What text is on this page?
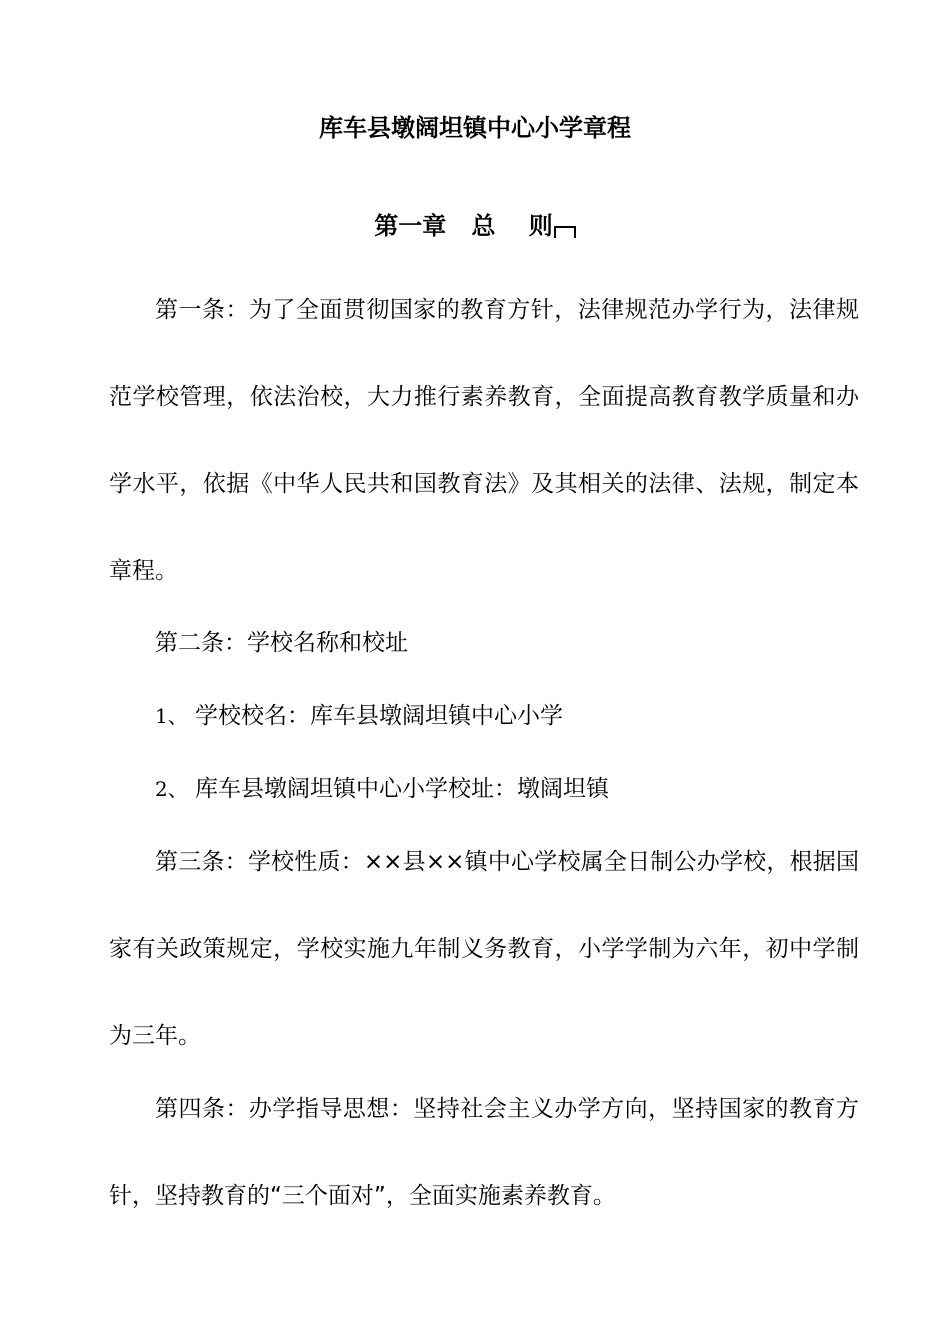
库车县墩阔坦镇中心小学章程
第一章 总 则
第一条：为了全面贯彻国家的教育方针，法律规范办学行为，法律规
范学校管理，依法治校，大力推行素养教育，全面提高教育教学质量和办
学水平，依据《中华人民共和国教育法》及其相关的法律、法规，制定本
章程。
第二条：学校名称和校址
1、 学校校名：库车县墩阔坦镇中心小学
2、 库车县墩阔坦镇中心小学校址：墩阔坦镇
第三条：学校性质：××县××镇中心学校属全日制公办学校，根据国
家有关政策规定，学校实施九年制义务教育，小学学制为六年，初中学制
为三年。
第四条：办学指导思想：坚持社会主义办学方向，坚持国家的教育方
针，坚持教育的“三个面对”，全面实施素养教育。
